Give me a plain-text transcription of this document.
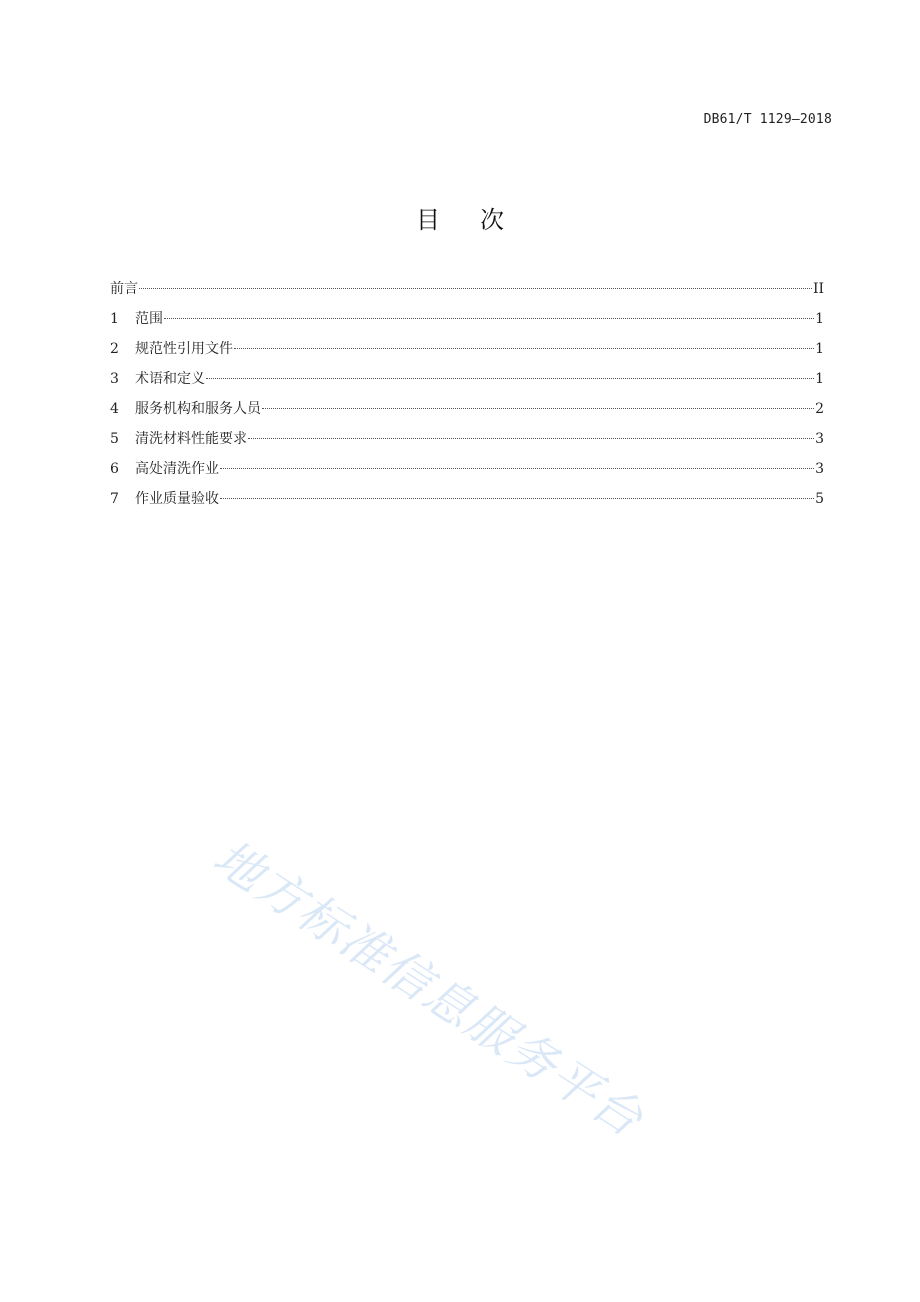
DB61/T 1129—2018
目 次
前言	II
1	范围	1
2	规范性引用文件	1
3	术语和定义	1
4	服务机构和服务人员	2
5	清洗材料性能要求	3
6	高处清洗作业	3
7	作业质量验收	5
地方标准信息服务平台
